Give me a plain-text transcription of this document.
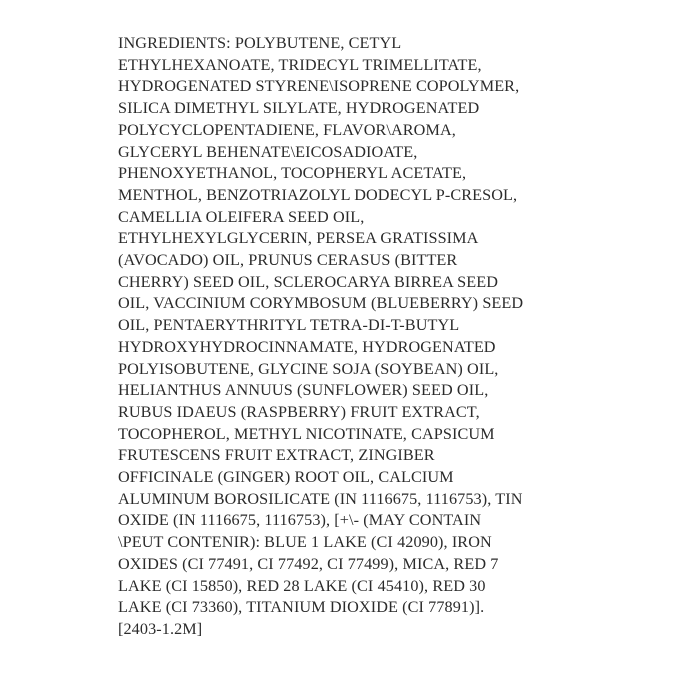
INGREDIENTS: POLYBUTENE, CETYL
ETHYLHEXANOATE, TRIDECYL TRIMELLITATE,
HYDROGENATED STYRENE\ISOPRENE COPOLYMER,
SILICA DIMETHYL SILYLATE, HYDROGENATED
POLYCYCLOPENTADIENE, FLAVOR\AROMA,
GLYCERYL BEHENATE\EICOSADIOATE,
PHENOXYETHANOL, TOCOPHERYL ACETATE,
MENTHOL, BENZOTRIAZOLYL DODECYL P-CRESOL,
CAMELLIA OLEIFERA SEED OIL,
ETHYLHEXYLGLYCERIN, PERSEA GRATISSIMA
(AVOCADO) OIL, PRUNUS CERASUS (BITTER
CHERRY) SEED OIL, SCLEROCARYA BIRREA SEED
OIL, VACCINIUM CORYMBOSUM (BLUEBERRY) SEED
OIL, PENTAERYTHRITYL TETRA-DI-T-BUTYL
HYDROXYHYDROCINNAMATE, HYDROGENATED
POLYISOBUTENE, GLYCINE SOJA (SOYBEAN) OIL,
HELIANTHUS ANNUUS (SUNFLOWER) SEED OIL,
RUBUS IDAEUS (RASPBERRY) FRUIT EXTRACT,
TOCOPHEROL, METHYL NICOTINATE, CAPSICUM
FRUTESCENS FRUIT EXTRACT, ZINGIBER
OFFICINALE (GINGER) ROOT OIL, CALCIUM
ALUMINUM BOROSILICATE (IN 1116675, 1116753), TIN
OXIDE (IN 1116675, 1116753), [+\- (MAY CONTAIN
\PEUT CONTENIR): BLUE 1 LAKE (CI 42090), IRON
OXIDES (CI 77491, CI 77492, CI 77499), MICA, RED 7
LAKE (CI 15850), RED 28 LAKE (CI 45410), RED 30
LAKE (CI 73360), TITANIUM DIOXIDE (CI 77891)].
[2403-1.2M]
